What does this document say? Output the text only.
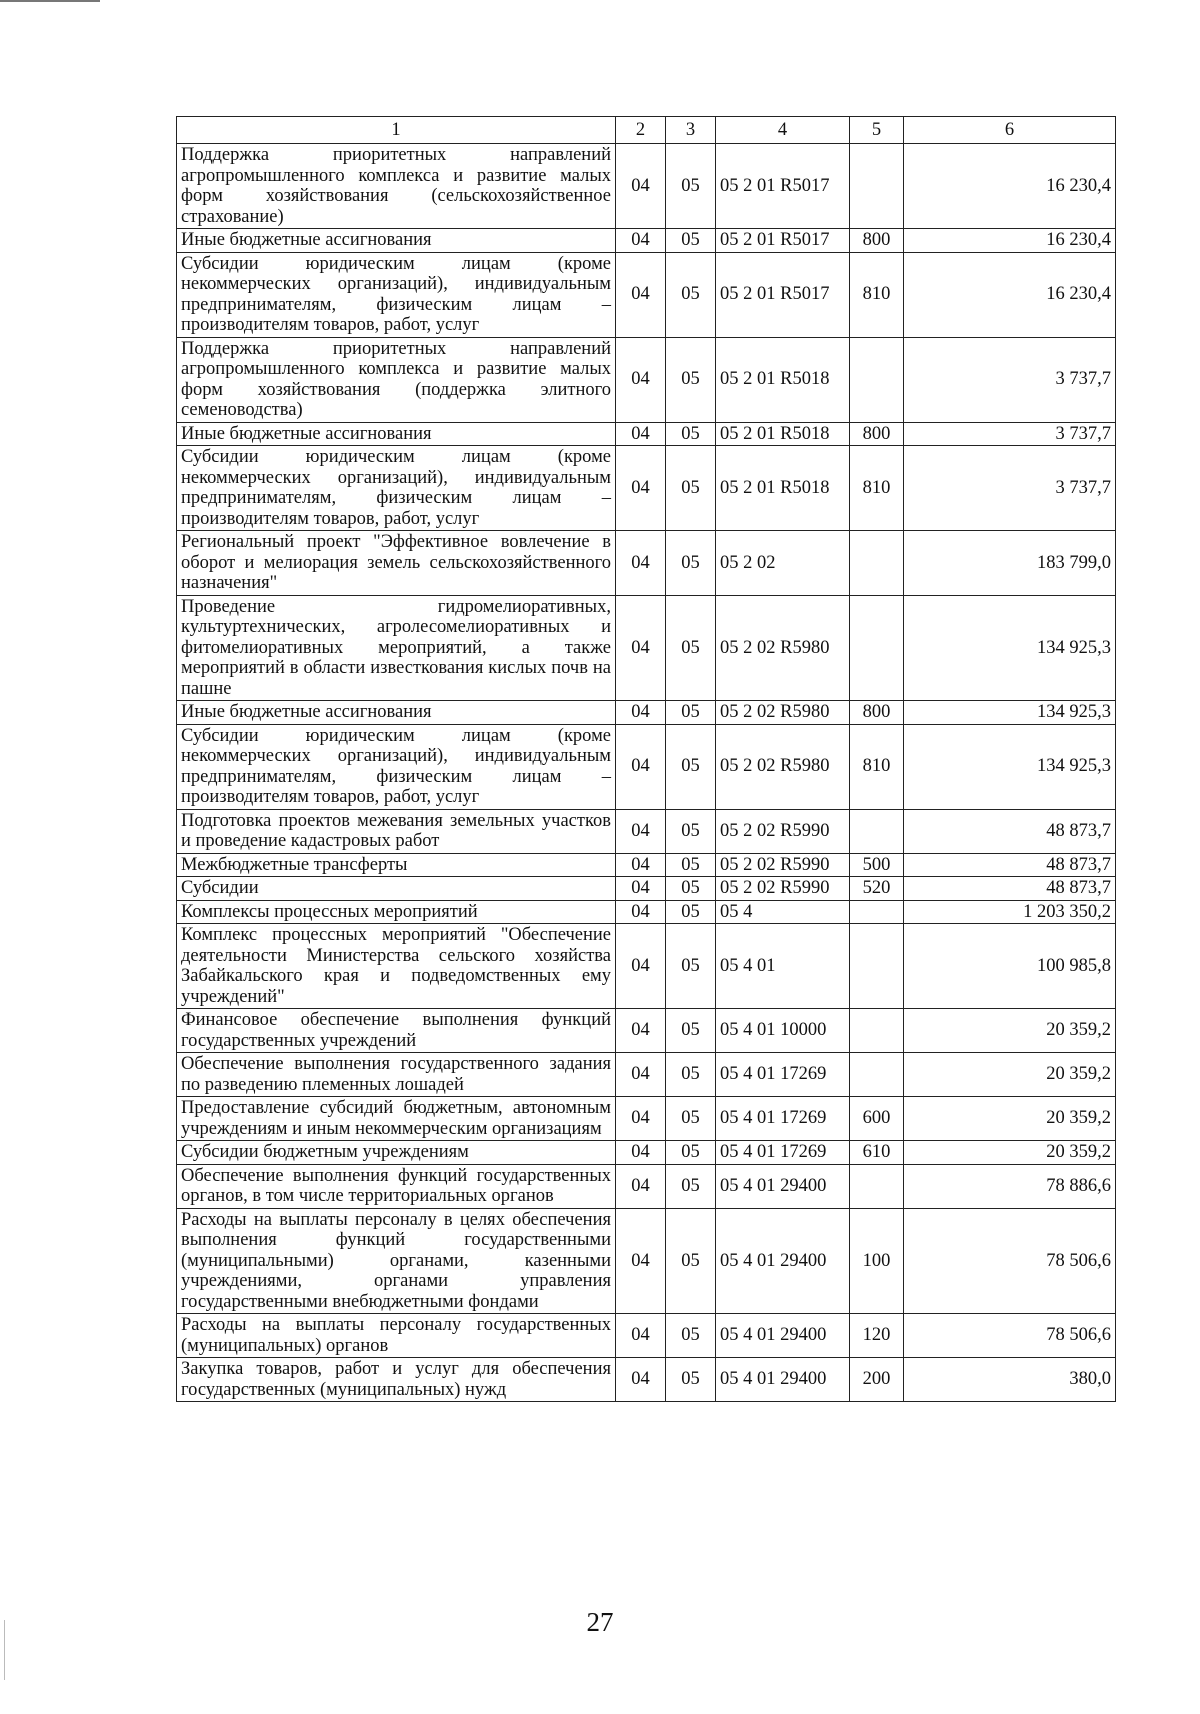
1	2	3	4	5	6
Поддержка приоритетных направлений агропромышленного комплекса и развитие малых форм хозяйствования (сельскохозяйственное страхование)	04	05	05 2 01 R5017		16 230,4
Иные бюджетные ассигнования	04	05	05 2 01 R5017	800	16 230,4
Субсидии юридическим лицам (кроме некоммерческих организаций), индивидуальным предпринимателям, физическим лицам – производителям товаров, работ, услуг	04	05	05 2 01 R5017	810	16 230,4
Поддержка приоритетных направлений агропромышленного комплекса и развитие малых форм хозяйствования (поддержка элитного семеноводства)	04	05	05 2 01 R5018		3 737,7
Иные бюджетные ассигнования	04	05	05 2 01 R5018	800	3 737,7
Субсидии юридическим лицам (кроме некоммерческих организаций), индивидуальным предпринимателям, физическим лицам – производителям товаров, работ, услуг	04	05	05 2 01 R5018	810	3 737,7
Региональный проект "Эффективное вовлечение в оборот и мелиорация земель сельскохозяйственного назначения"	04	05	05 2 02		183 799,0
Проведение гидромелиоративных, культуртехнических, агролесомелиоративных и фитомелиоративных мероприятий, а также мероприятий в области известкования кислых почв на пашне	04	05	05 2 02 R5980		134 925,3
Иные бюджетные ассигнования	04	05	05 2 02 R5980	800	134 925,3
Субсидии юридическим лицам (кроме некоммерческих организаций), индивидуальным предпринимателям, физическим лицам – производителям товаров, работ, услуг	04	05	05 2 02 R5980	810	134 925,3
Подготовка проектов межевания земельных участков и проведение кадастровых работ	04	05	05 2 02 R5990		48 873,7
Межбюджетные трансферты	04	05	05 2 02 R5990	500	48 873,7
Субсидии	04	05	05 2 02 R5990	520	48 873,7
Комплексы процессных мероприятий	04	05	05 4		1 203 350,2
Комплекс процессных мероприятий "Обеспечение деятельности Министерства сельского хозяйства Забайкальского края и подведомственных ему учреждений"	04	05	05 4 01		100 985,8
Финансовое обеспечение выполнения функций государственных учреждений	04	05	05 4 01 10000		20 359,2
Обеспечение выполнения государственного задания по разведению племенных лошадей	04	05	05 4 01 17269		20 359,2
Предоставление субсидий бюджетным, автономным учреждениям и иным некоммерческим организациям	04	05	05 4 01 17269	600	20 359,2
Субсидии бюджетным учреждениям	04	05	05 4 01 17269	610	20 359,2
Обеспечение выполнения функций государственных органов, в том числе территориальных органов	04	05	05 4 01 29400		78 886,6
Расходы на выплаты персоналу в целях обеспечения выполнения функций государственными (муниципальными) органами, казенными учреждениями, органами управления государственными внебюджетными фондами	04	05	05 4 01 29400	100	78 506,6
Расходы на выплаты персоналу государственных (муниципальных) органов	04	05	05 4 01 29400	120	78 506,6
Закупка товаров, работ и услуг для обеспечения государственных (муниципальных) нужд	04	05	05 4 01 29400	200	380,0
27
